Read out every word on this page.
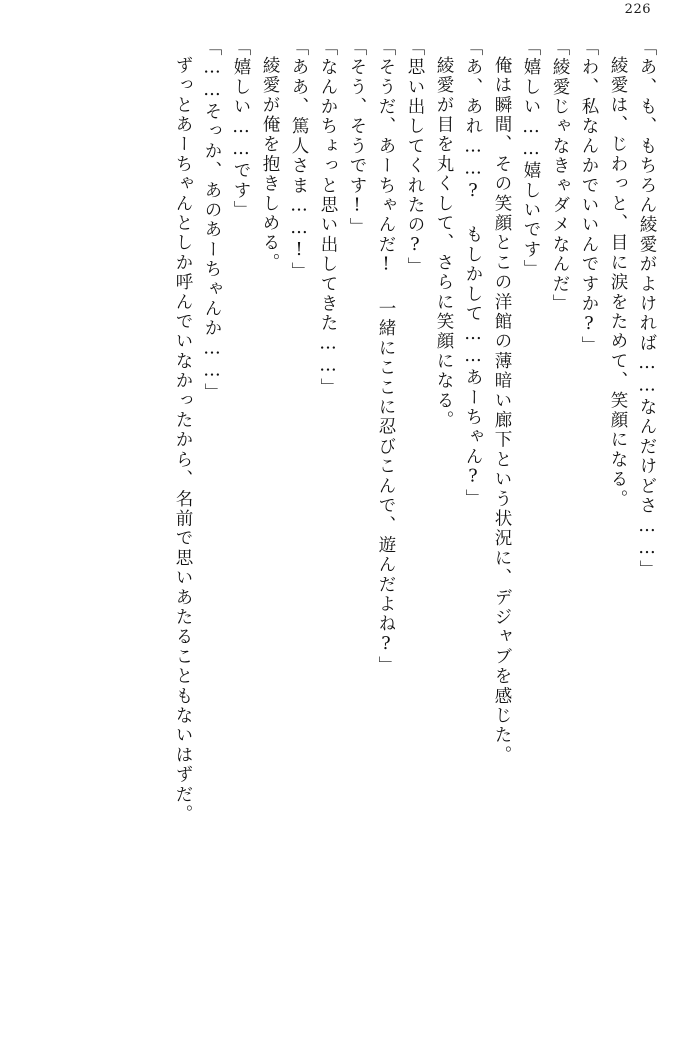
226
「あ、も、もちろん綾愛がよければ……なんだけどさ……」
綾愛は、じわっと、目に涙をためて、笑顔になる。
「わ、私なんかでいいんですか?」
「綾愛じゃなきゃダメなんだ」
「嬉しい……嬉しいです」
俺は瞬間、その笑顔とこの洋館の薄暗い廊下という状況に、デジャブを感じた。
「あ、あれ……? もしかして……あーちゃん?」
綾愛が目を丸くして、さらに笑顔になる。
「思い出してくれたの?」
「そうだ、あーちゃんだ! 一緒にここに忍びこんで、遊んだよね?」
「そう、そうです!」
「なんかちょっと思い出してきた……」
「ああ、篤人さま……!」
綾愛が俺を抱きしめる。
「嬉しい……です」
「……そっか、あのあーちゃんか……」
ずっとあーちゃんとしか呼んでいなかったから、名前で思いあたることもないはずだ。
